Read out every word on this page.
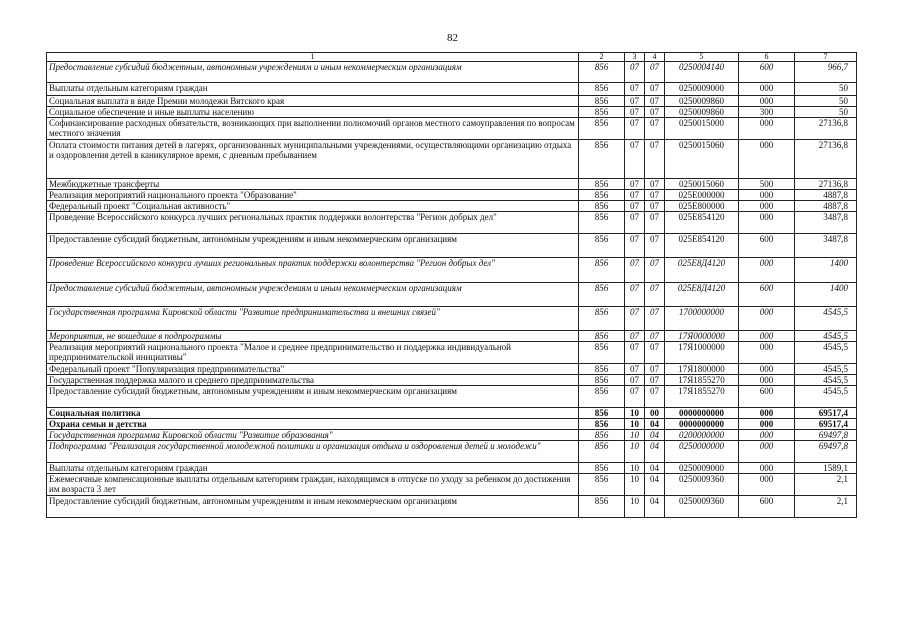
82
1	2	3	4	5	6	7
Предоставление субсидий бюджетным, автономным учреждениям и иным некоммерческим организациям	856	07	07	0250004140	600	966,7
Выплаты отдельным категориям граждан	856	07	07	0250009000	000	50
Социальная выплата в виде Премии молодежи Вятского края	856	07	07	0250009860	000	50
Социальное обеспечение и иные выплаты населению	856	07	07	0250009860	300	50
Софинансирование расходных обязательств, возникающих при выполнении полномочий органов местного самоуправления по вопросам местного значения	856	07	07	0250015000	000	27136,8
Оплата стоимости питания детей в лагерях, организованных муниципальными учреждениями, осуществляющими организацию отдыха и оздоровления детей в каникулярное время, с дневным пребыванием	856	07	07	0250015060	000	27136,8
Межбюджетные трансферты	856	07	07	0250015060	500	27136,8
Реализация мероприятий национального проекта "Образование"	856	07	07	025E000000	000	4887,8
Федеральный проект "Социальная активность"	856	07	07	025E800000	000	4887,8
Проведение Всероссийского конкурса лучших региональных практик поддержки волонтерства "Регион добрых дел"	856	07	07	025E854120	000	3487,8
Предоставление субсидий бюджетным, автономным учреждениям и иным некоммерческим организациям	856	07	07	025E854120	600	3487,8
Проведение Всероссийского конкурса лучших региональных практик поддержки волонтерства "Регион добрых дел"	856	07	07	025E8Д4120	000	1400
Предоставление субсидий бюджетным, автономным учреждениям и иным некоммерческим организациям	856	07	07	025E8Д4120	600	1400
Государственная программа Кировской области "Развитие предпринимательства и внешних связей"	856	07	07	1700000000	000	4545,5
Мероприятия, не вошедшие в подпрограммы	856	07	07	17Я0000000	000	4545,5
Реализация мероприятий национального проекта "Малое и среднее предпринимательство и поддержка индивидуальной предпринимательской инициативы"	856	07	07	17Я1000000	000	4545,5
Федеральный проект "Популяризация предпринимательства"	856	07	07	17Я1800000	000	4545,5
Государственная поддержка малого и среднего предпринимательства	856	07	07	17Я1855270	000	4545,5
Предоставление субсидий бюджетным, автономным учреждениям и иным некоммерческим организациям	856	07	07	17Я1855270	600	4545,5
Социальная политика	856	10	00	0000000000	000	69517,4
Охрана семьи и детства	856	10	04	0000000000	000	69517,4
Государственная программа Кировской области "Развитие образования"	856	10	04	0200000000	000	69497,8
Подпрограмма "Реализация государственной молодежной политики и организация отдыха и оздоровления детей и молодежи"	856	10	04	0250000000	000	69497,8
Выплаты отдельным категориям граждан	856	10	04	0250009000	000	1589,1
Ежемесячные компенсационные выплаты отдельным категориям граждан, находящимся в отпуске по уходу за ребенком до достижения им возраста 3 лет	856	10	04	0250009360	000	2,1
Предоставление субсидий бюджетным, автономным учреждениям и иным некоммерческим организациям	856	10	04	0250009360	600	2,1
